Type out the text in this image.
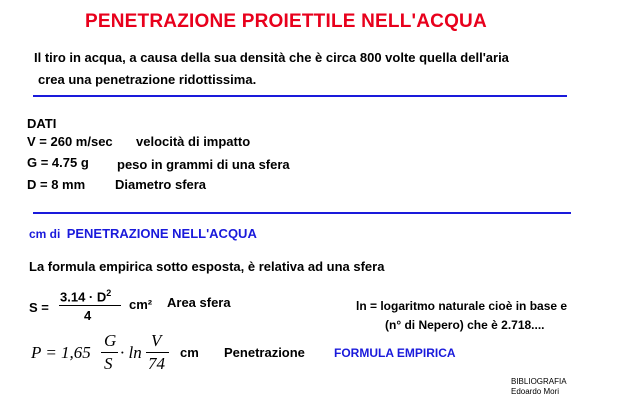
PENETRAZIONE PROIETTILE NELL'ACQUA
Il tiro in acqua, a causa della sua densità che è circa 800 volte quella dell'aria
crea una penetrazione ridottissima.
DATI
V = 260 m/sec velocità di impatto
G = 4.75 g peso in grammi di una sfera
D = 8 mm Diametro sfera
cm di PENETRAZIONE NELL'ACQUA
La formula empirica sotto esposta, è relativa ad una sfera
S =
$3.14 \cdot D^2$
4
cm² Area sfera	ln = logaritmo naturale cioè in base e
(n° di Nepero) che è 2.718....
P = 1,65
G
S
· ln
V
74
cm Penetrazione FORMULA EMPIRICA
BIBLIOGRAFIA
Edoardo Mori
